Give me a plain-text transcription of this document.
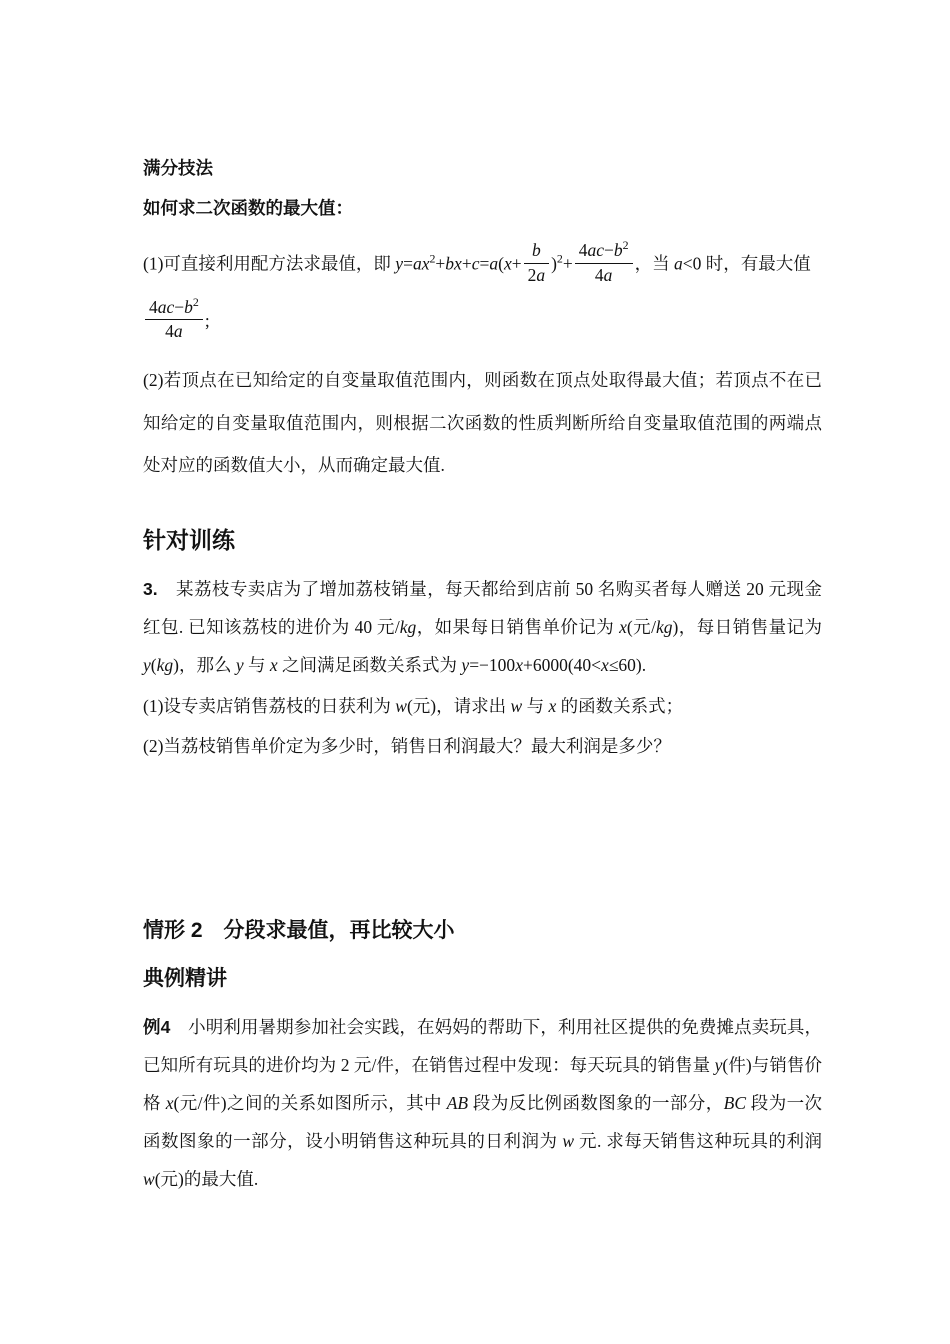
满分技法
如何求二次函数的最大值：
(1)可直接利用配方法求最值，即 $y=ax^2+bx+c=a(x+ \frac{b}{2a} )^2+ \frac{4ac-b^2}{4a}$ ，当 a<0 时，有最大值
$\frac{4ac-b^2}{4a}$ ;
(2)若顶点在已知给定的自变量取值范围内，则函数在顶点处取得最大值；若顶点不在已知给定的自变量取值范围内，则根据二次函数的性质判断所给自变量取值范围的两端点处对应的函数值大小，从而确定最大值.
针对训练
3.　某荔枝专卖店为了增加荔枝销量，每天都给到店前 50 名购买者每人赠送 20 元现金红包. 已知该荔枝的进价为 40 元/kg，如果每日销售单价记为 x(元/kg)，每日销售量记为 y(kg)，那么 y 与 x 之间满足函数关系式为 y=−100x+6000(40<x≤60).
(1)设专卖店销售荔枝的日获利为 w(元)，请求出 w 与 x 的函数关系式；
(2)当荔枝销售单价定为多少时，销售日利润最大？最大利润是多少？
情形 2　分段求最值，再比较大小
典例精讲
例4　小明利用暑期参加社会实践，在妈妈的帮助下，利用社区提供的免费摊点卖玩具，已知所有玩具的进价均为 2 元/件，在销售过程中发现：每天玩具的销售量 y(件)与销售价格 x(元/件)之间的关系如图所示，其中 AB 段为反比例函数图象的一部分，BC 段为一次函数图象的一部分，设小明销售这种玩具的日利润为 w 元. 求每天销售这种玩具的利润 w(元)的最大值.
